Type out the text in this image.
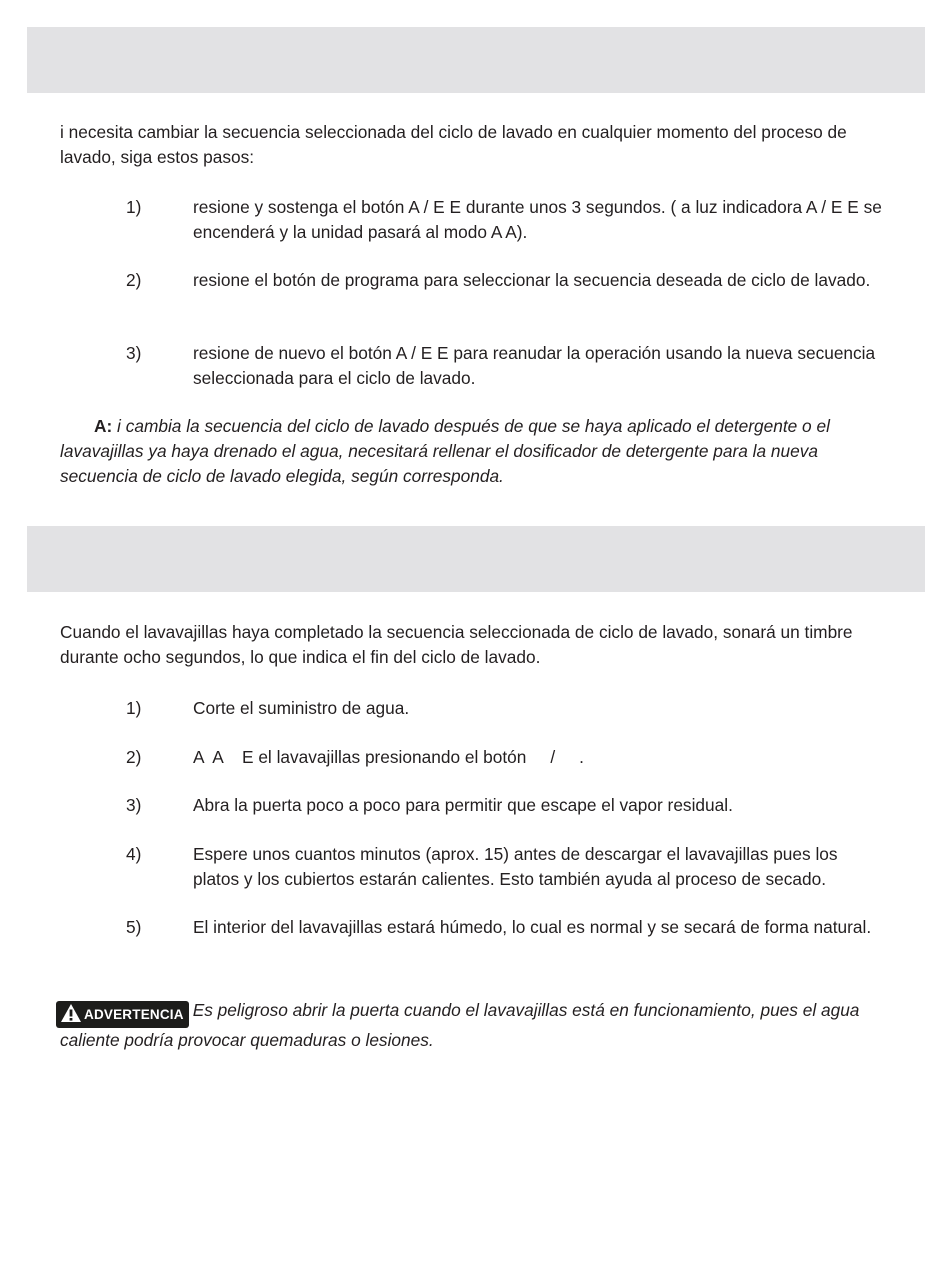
i necesita cambiar la secuencia seleccionada del ciclo de lavado en cualquier momento del proceso de lavado, siga estos pasos:
1)	resione y sostenga el botón A / E E durante unos 3 segundos. ( a luz indicadora A / E E se encenderá y la unidad pasará al modo A A).
2)	resione el botón de programa para seleccionar la secuencia deseada de ciclo de lavado.
3)	resione de nuevo el botón A / E E para reanudar la operación usando la nueva secuencia seleccionada para el ciclo de lavado.
A: i cambia la secuencia del ciclo de lavado después de que se haya aplicado el detergente o el lavavajillas ya haya drenado el agua, necesitará rellenar el dosificador de detergente para la nueva secuencia de ciclo de lavado elegida, según corresponda.
Cuando el lavavajillas haya completado la secuencia seleccionada de ciclo de lavado, sonará un timbre durante ocho segundos, lo que indica el fin del ciclo de lavado.
1)	Corte el suministro de agua.
2)	A  A    E el lavavajillas presionando el botón     /     .
3)	Abra la puerta poco a poco para permitir que escape el vapor residual.
4)	Espere unos cuantos minutos (aprox. 15) antes de descargar el lavavajillas pues los platos y los cubiertos estarán calientes. Esto también ayuda al proceso de secado.
5)	El interior del lavavajillas estará húmedo, lo cual es normal y se secará de forma natural.
ADVERTENCIA Es peligroso abrir la puerta cuando el lavavajillas está en funcionamiento, pues el agua caliente podría provocar quemaduras o lesiones.
